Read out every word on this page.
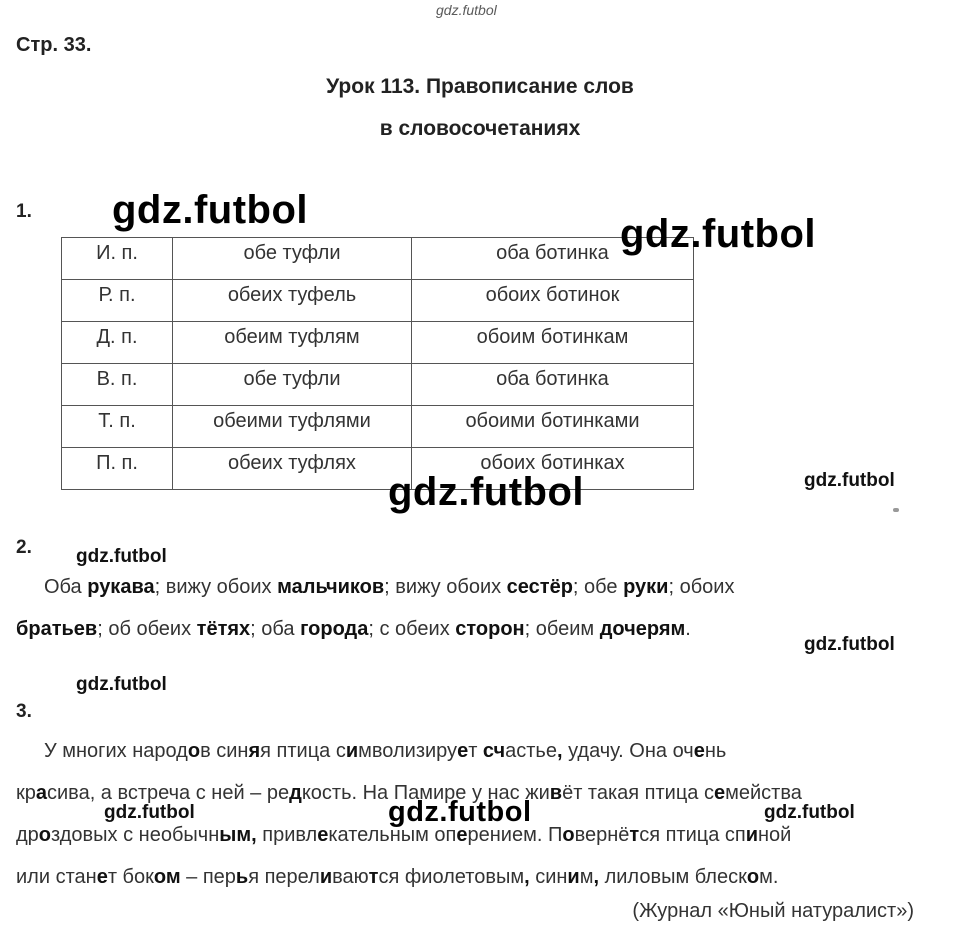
gdz.futbol
Стр. 33.
Урок 113. Правописание слов
в словосочетаниях
1.
И. п.	обе туфли	оба ботинка
Р. п.	обеих туфель	обоих ботинок
Д. п.	обеим туфлям	обоим ботинкам
В. п.	обе туфли	оба ботинка
Т. п.	обеими туфлями	обоими ботинками
П. п.	обеих туфлях	обоих ботинках
2.
Оба рукава; вижу обоих мальчиков; вижу обоих сестёр; обе руки; обоих
братьев; об обеих тётях; оба города; с обеих сторон; обеим дочерям.
3.
У многих народов синяя птица символизирует счастье, удачу. Она очень
красива, а встреча с ней – редкость. На Памире у нас живёт такая птица семейства
дроздовых с необычным, привлекательным оперением. Повернётся птица спиной
или станет боком – перья переливаются фиолетовым, синим, лиловым блеском.
(Журнал «Юный натуралист»)
gdz.futbol
gdz.futbol
gdz.futbol	gdz.futbol
gdz.futbol
gdz.futbol
gdz.futbol
gdz.futbol	gdz.futbol	gdz.futbol
